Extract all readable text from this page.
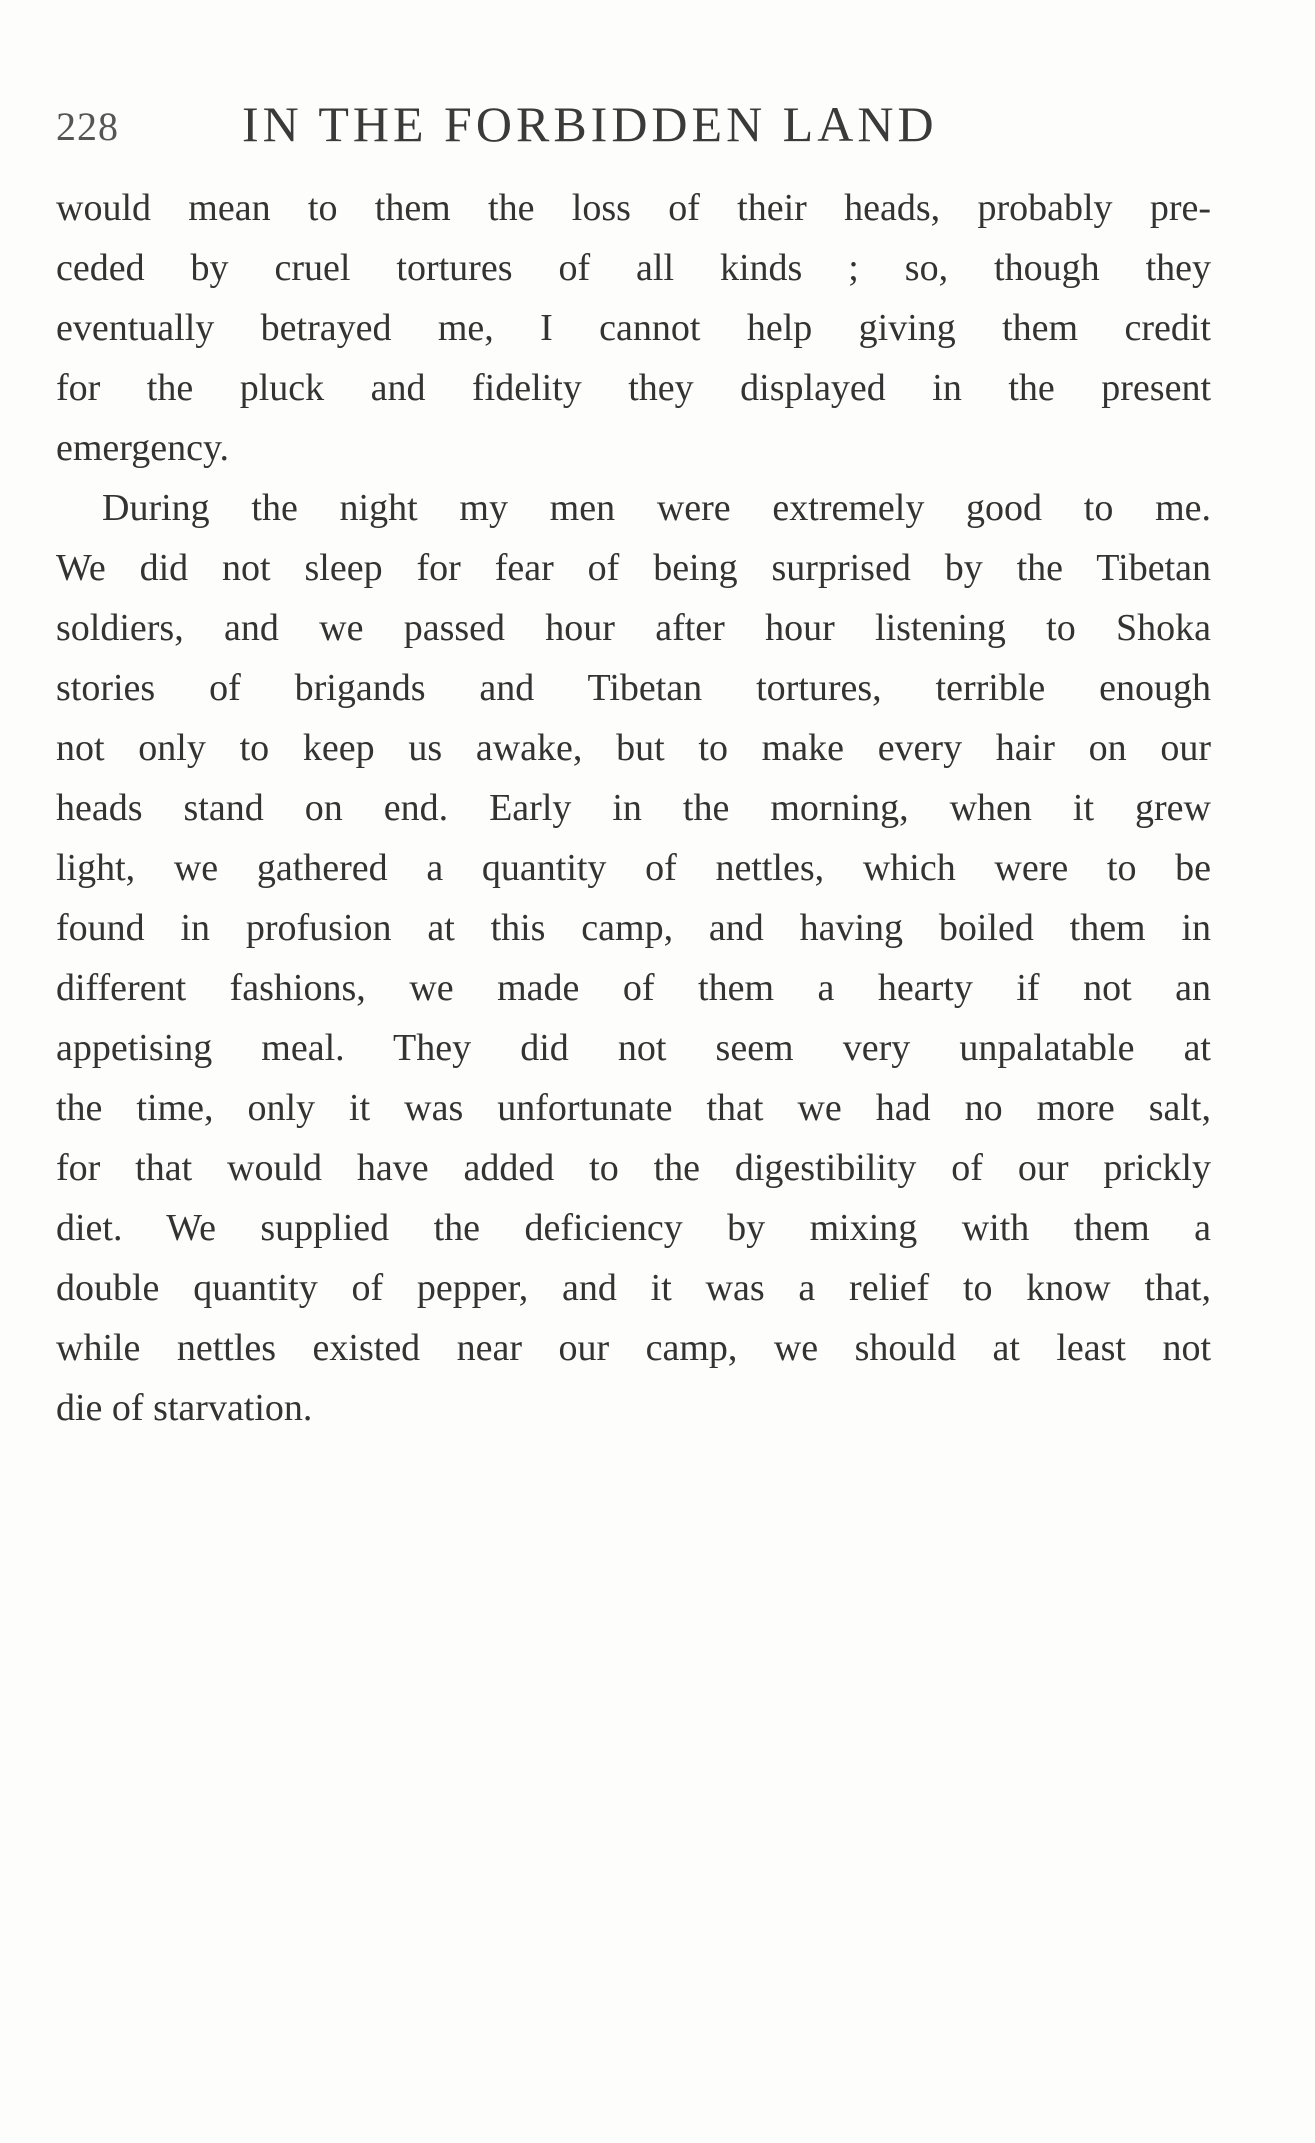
228 IN THE FORBIDDEN LAND
would mean to them the loss of their heads, probably pre-
ceded by cruel tortures of all kinds ; so, though they
eventually betrayed me, I cannot help giving them credit
for the pluck and fidelity they displayed in the present
emergency.
During the night my men were extremely good to me.
We did not sleep for fear of being surprised by the Tibetan
soldiers, and we passed hour after hour listening to Shoka
stories of brigands and Tibetan tortures, terrible enough
not only to keep us awake, but to make every hair on our
heads stand on end. Early in the morning, when it grew
light, we gathered a quantity of nettles, which were to be
found in profusion at this camp, and having boiled them in
different fashions, we made of them a hearty if not an
appetising meal. They did not seem very unpalatable at
the time, only it was unfortunate that we had no more salt,
for that would have added to the digestibility of our prickly
diet. We supplied the deficiency by mixing with them a
double quantity of pepper, and it was a relief to know that,
while nettles existed near our camp, we should at least not
die of starvation.
